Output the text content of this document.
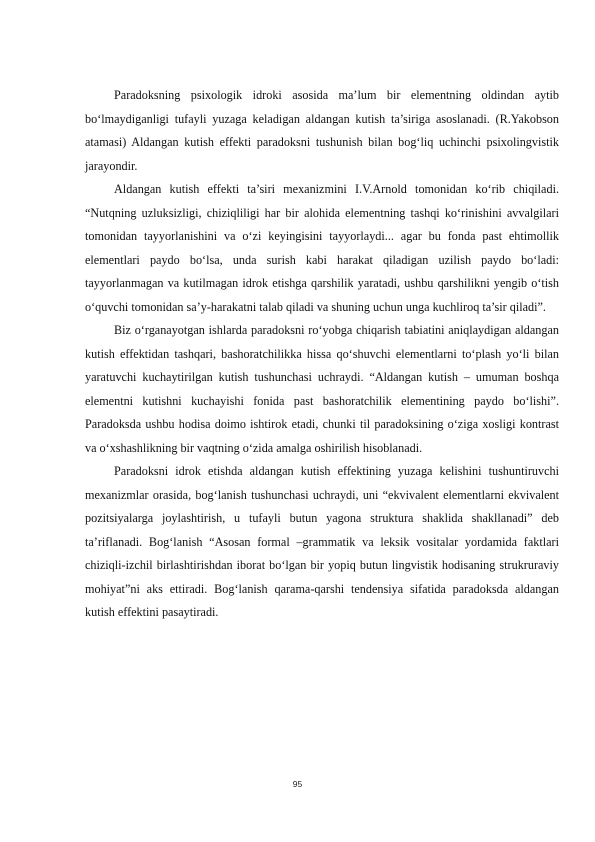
Paradoksning psixologik idroki asosida ma’lum bir elementning oldindan aytib bo‘lmaydiganligi tufayli yuzaga keladigan aldangan kutish ta’siriga asoslanadi. (R.Yakobson atamasi) Aldangan kutish effekti paradoksni tushunish bilan bog‘liq uchinchi psixolingvistik jarayondir.

Aldangan kutish effekti ta’siri mexanizmini I.V.Arnold tomonidan ko‘rib chiqiladi. “Nutqning uzluksizligi, chiziqliligi har bir alohida elementning tashqi ko‘rinishini avvalgilari tomonidan tayyorlanishini va o‘zi keyingisini tayyorlaydi... agar bu fonda past ehtimollik elementlari paydo bo‘lsa, unda surish kabi harakat qiladigan uzilish paydo bo‘ladi: tayyorlanmagan va kutilmagan idrok etishga qarshilik yaratadi, ushbu qarshilikni yengib o‘tish o‘quvchi tomonidan sa’y-harakatni talab qiladi va shuning uchun unga kuchliroq ta’sir qiladi”.

Biz o‘rganayotgan ishlarda paradoksni ro‘yobga chiqarish tabiatini aniqlaydigan aldangan kutish effektidan tashqari, bashoratchilikka hissa qo‘shuvchi elementlarni to‘plash yo‘li bilan yaratuvchi kuchaytirilgan kutish tushunchasi uchraydi. “Aldangan kutish – umuman boshqa elementni kutishni kuchayishi fonida past bashoratchilik elementining paydo bo‘lishi”. Paradoksda ushbu hodisa doimo ishtirok etadi, chunki til paradoksining o‘ziga xosligi kontrast va o‘xshashlikning bir vaqtning o‘zida amalga oshirilish hisoblanadi.

Paradoksni idrok etishda aldangan kutish effektining yuzaga kelishini tushuntiruvchi mexanizmlar orasida, bog‘lanish tushunchasi uchraydi, uni “ekvivalent elementlarni ekvivalent pozitsiyalarga joylashtirish, u tufayli butun yagona struktura shaklida shakllanadi” deb ta’riflanadi. Bog‘lanish “Asosan formal –grammatik va leksik vositalar yordamida faktlari chiziqli-izchil birlashtirishdan iborat bo‘lgan bir yopiq butun lingvistik hodisaning strukruraviy mohiyat”ni aks ettiradi. Bog‘lanish qarama-qarshi tendensiya sifatida paradoksda aldangan kutish effektini pasaytiradi.

95
